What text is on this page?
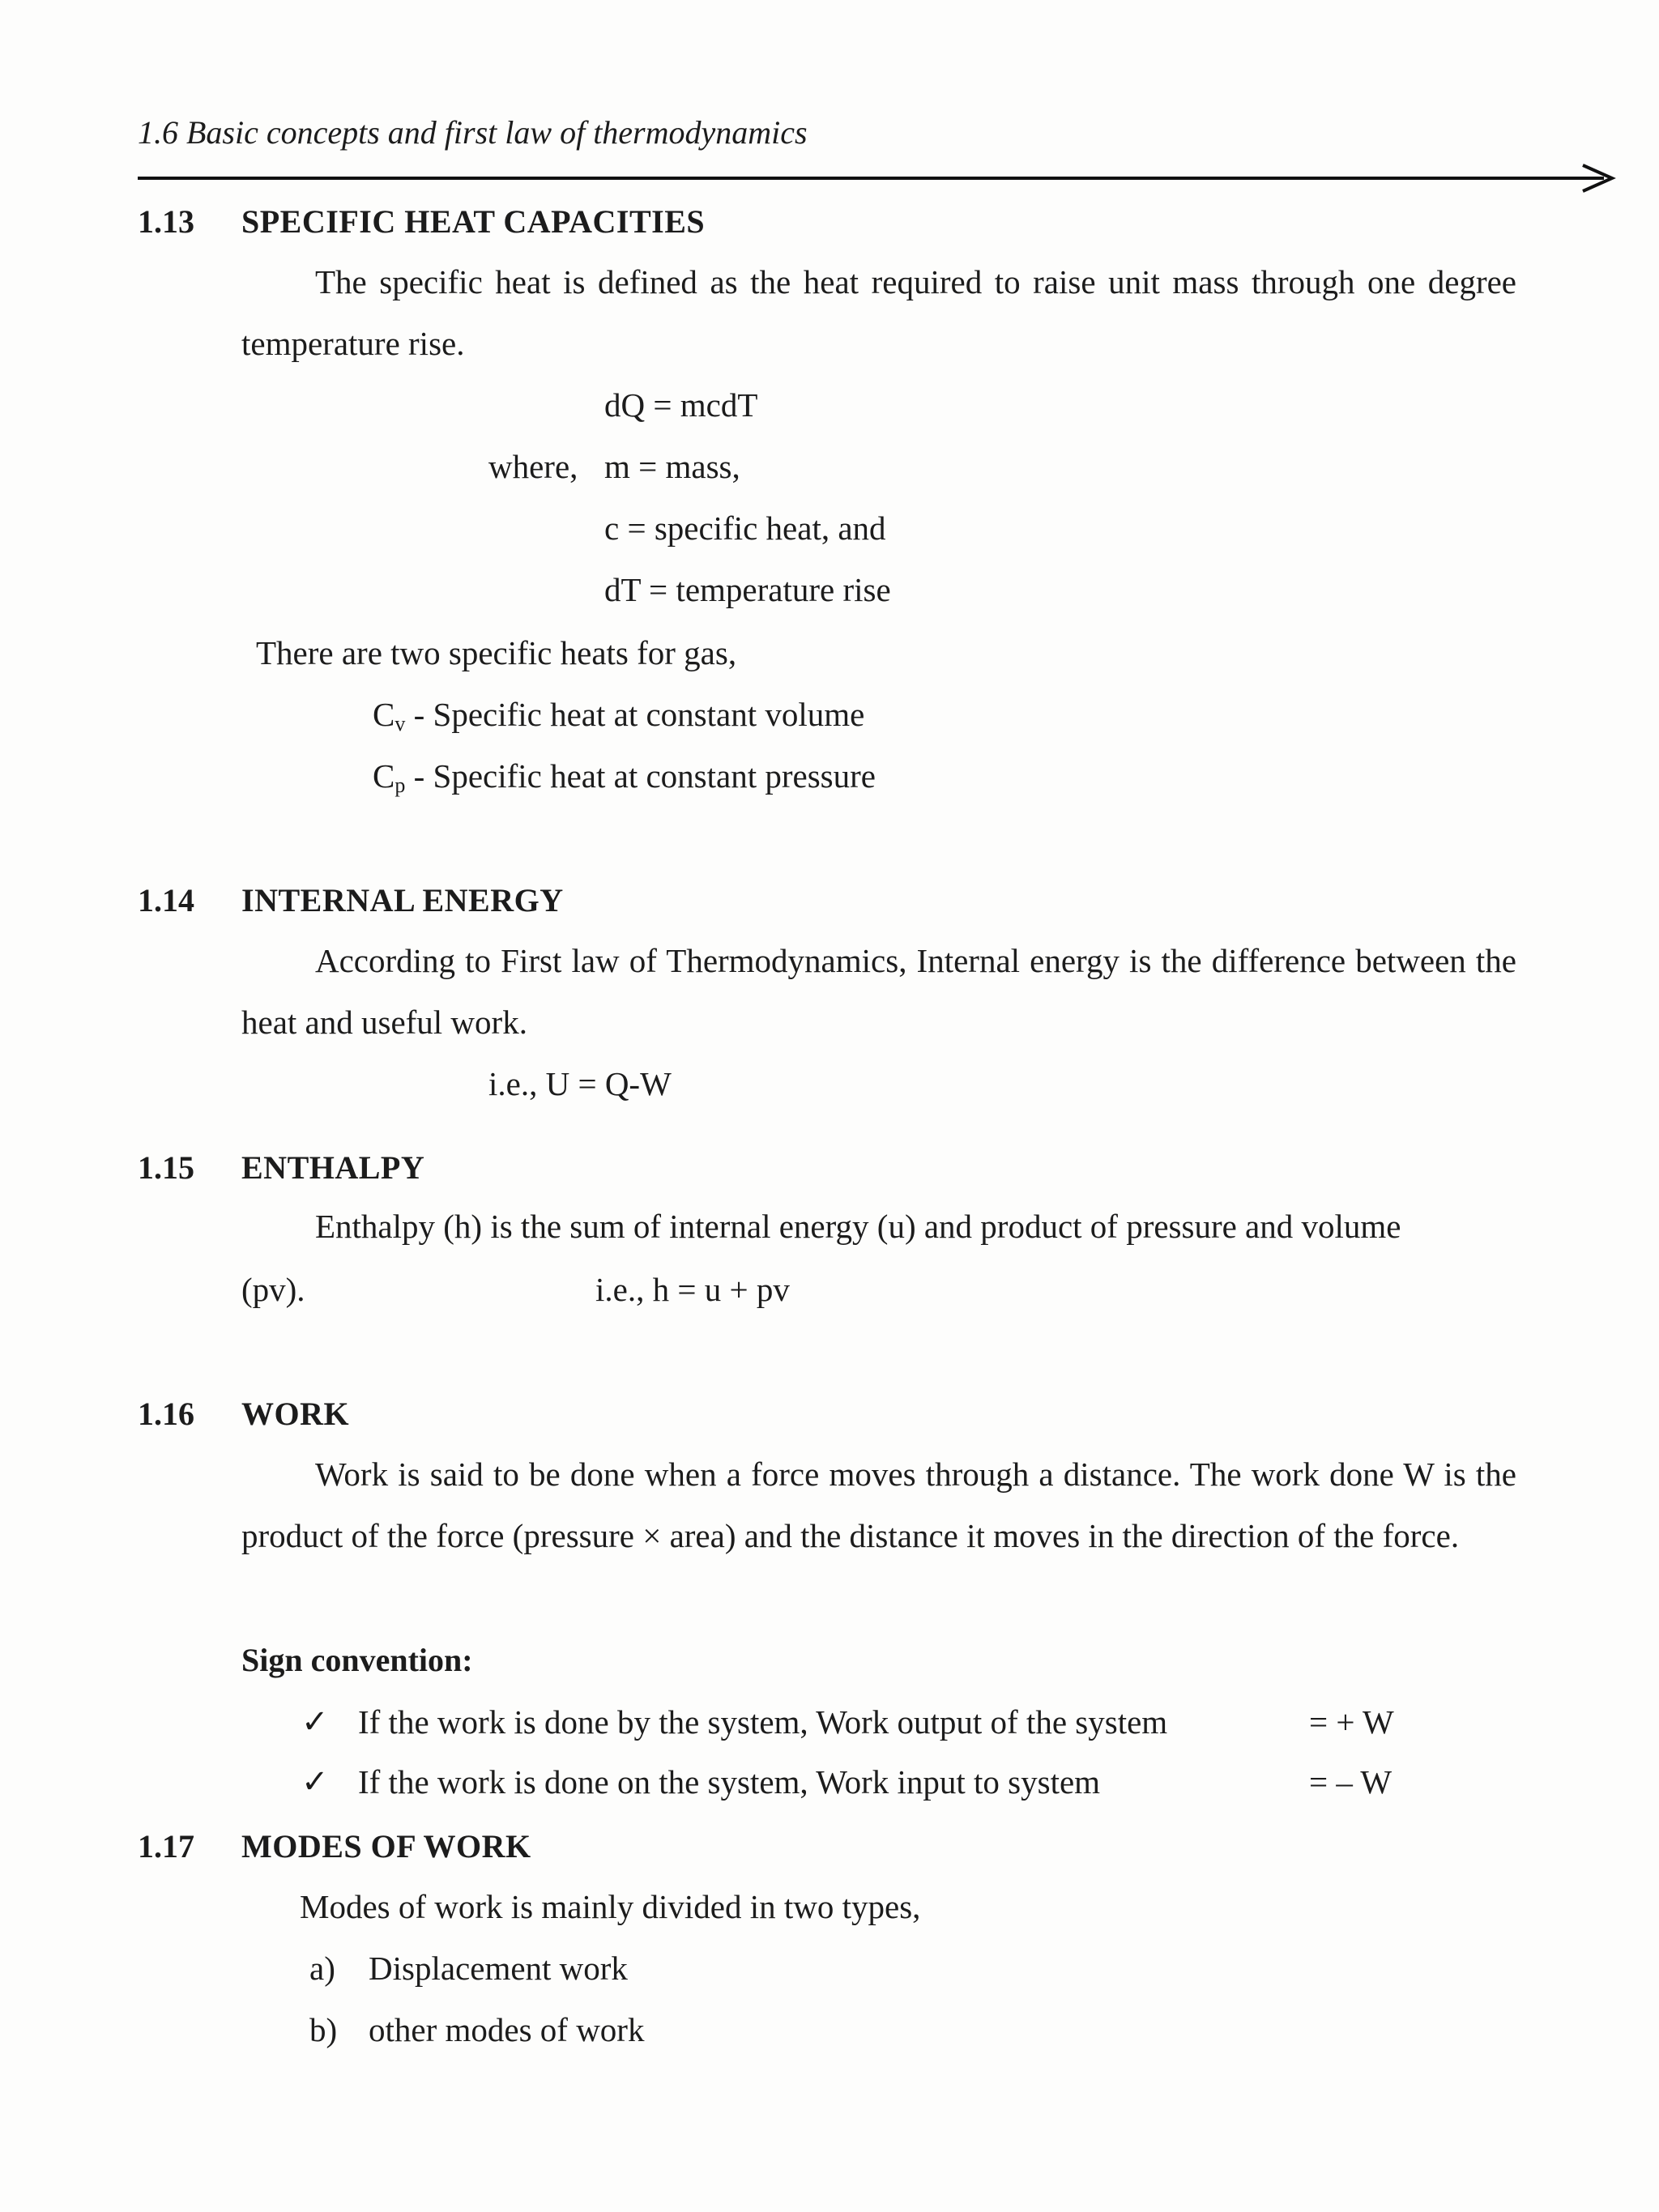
1.6 Basic concepts and first law of thermodynamics
1.13 SPECIFIC HEAT CAPACITIES
The specific heat is defined as the heat required to raise unit mass through one degree temperature rise.
dQ = mcdT
where, m = mass,
c = specific heat, and
dT = temperature rise
There are two specific heats for gas,
$C_v$ - Specific heat at constant volume
$C_p$ - Specific heat at constant pressure
1.14 INTERNAL ENERGY
According to First law of Thermodynamics, Internal energy is the difference between the heat and useful work.
i.e., U = Q-W
1.15 ENTHALPY
Enthalpy (h) is the sum of internal energy (u) and product of pressure and volume
(pv).	i.e., h = u + pv
1.16 WORK
Work is said to be done when a force moves through a distance. The work done W is the product of the force (pressure × area) and the distance it moves in the direction of the force.
Sign convention:
✓ If the work is done by the system, Work output of the system	= + W
✓ If the work is done on the system, Work input to system	= – W
1.17 MODES OF WORK
Modes of work is mainly divided in two types,
a) Displacement work
b) other modes of work
